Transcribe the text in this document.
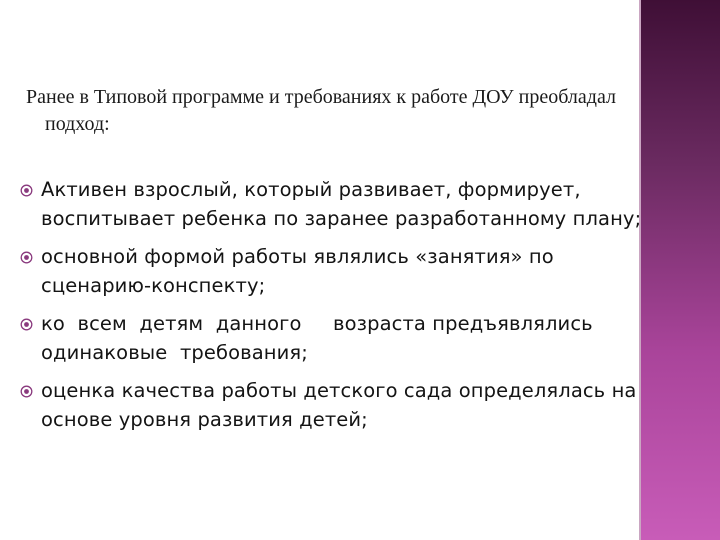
Ранее в Типовой программе и требованиях к работе ДОУ преобладал подход:
Активен взрослый, который развивает, формирует, воспитывает ребенка по заранее разработанному плану;
основной формой работы являлись «занятия» по сценарию-конспекту;
ко  всем  детям  данного     возраста предъявлялись одинаковые  требования;
оценка качества работы детского сада определялась на основе уровня развития детей;
